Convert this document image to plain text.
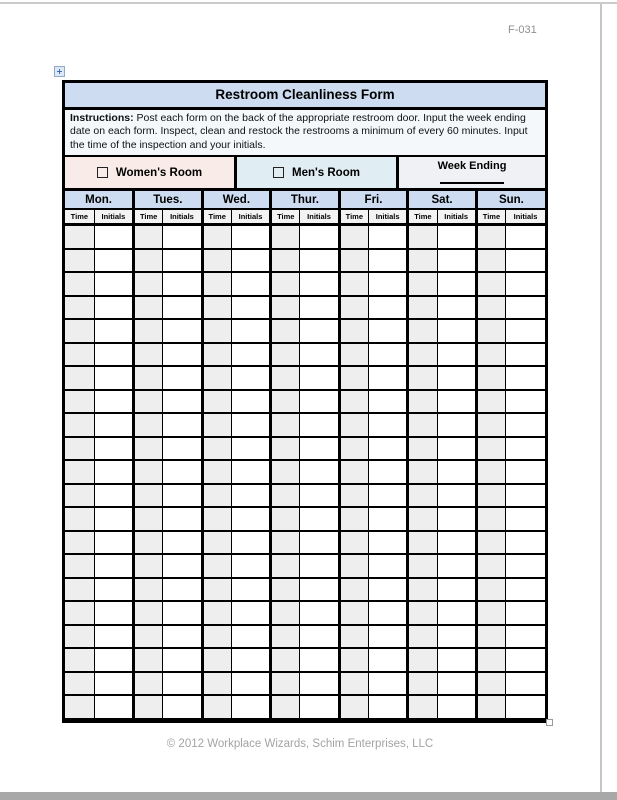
F-031
Restroom Cleanliness Form
Instructions: Post each form on the back of the appropriate restroom door. Input the week ending date on each form. Inspect, clean and restock the restrooms a minimum of every 60 minutes. Input the time of the inspection and your initials.
Women's Room	Men's Room
Week Ending
Mon.		Tues.		Wed.		Thur.		Fri.		Sat.		Sun.	
Time	Initials	Time	Initials	Time	Initials	Time	Initials	Time	Initials	Time	Initials	Time	Initials

© 2012 Workplace Wizards, Schim Enterprises, LLC
